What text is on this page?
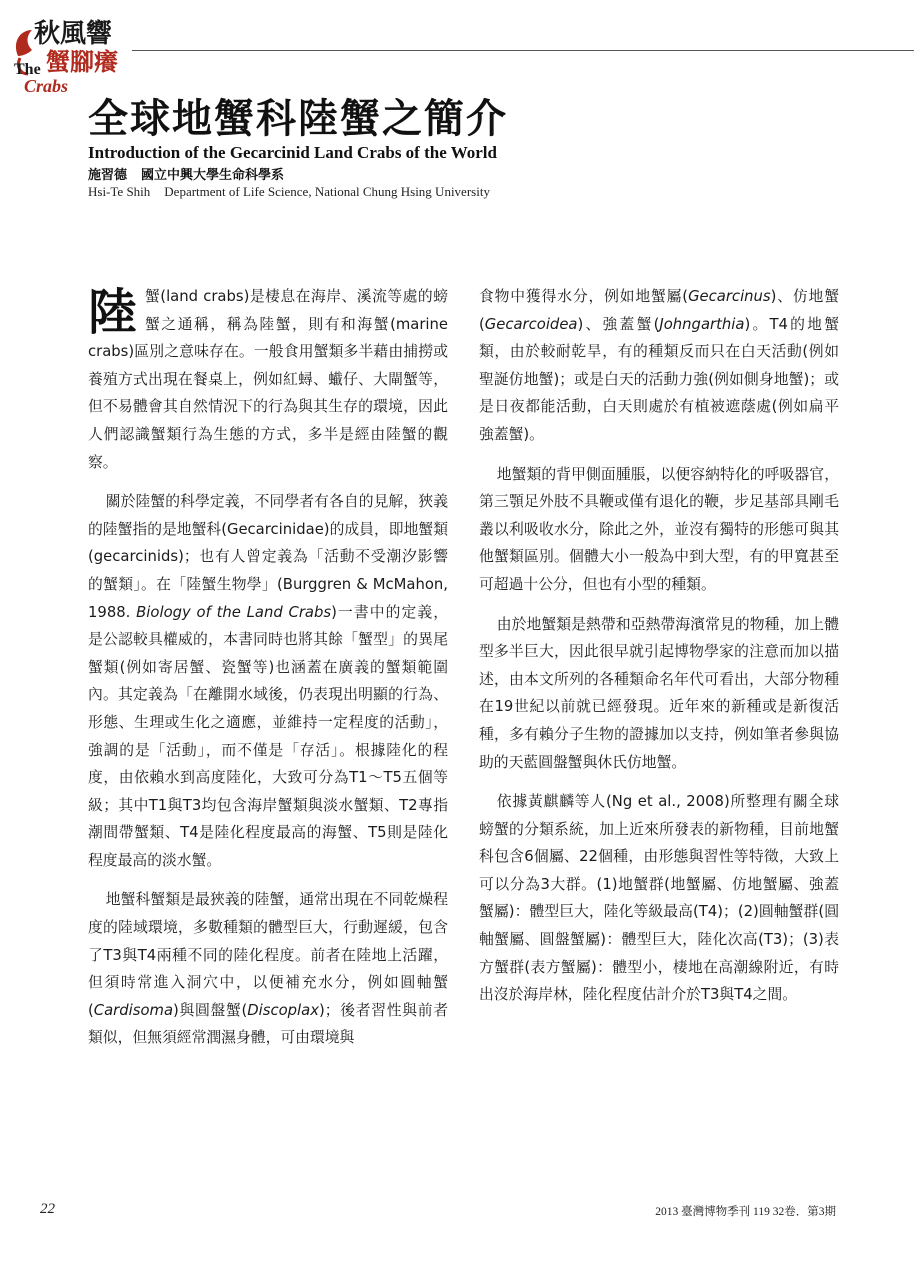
秋風響
蟹腳癢
The
Crabs
全球地蟹科陸蟹之簡介
Introduction of the Gecarcinid Land Crabs of the World
施習德 國立中興大學生命科學系
Hsi-Te Shih Department of Life Science, National Chung Hsing University

陸蟹(land crabs)是棲息在海岸、溪流等處的螃蟹之通稱，稱為陸蟹，則有和海蟹(marine crabs)區別之意味存在。一般食用蟹類多半藉由捕撈或養殖方式出現在餐桌上，例如紅蟳、蠘仔、大閘蟹等，但不易體會其自然情況下的行為與其生存的環境，因此人們認識蟹類行為生態的方式，多半是經由陸蟹的觀察。

關於陸蟹的科學定義，不同學者有各自的見解，狹義的陸蟹指的是地蟹科(Gecarcinidae)的成員，即地蟹類(gecarcinids)；也有人曾定義為「活動不受潮汐影響的蟹類」。在「陸蟹生物學」(Burggren & McMahon, 1988. Biology of the Land Crabs)一書中的定義，是公認較具權威的，本書同時也將其餘「蟹型」的異尾蟹類(例如寄居蟹、瓷蟹等)也涵蓋在廣義的蟹類範圍內。其定義為「在離開水域後，仍表現出明顯的行為、形態、生理或生化之適應，並維持一定程度的活動」，強調的是「活動」，而不僅是「存活」。根據陸化的程度，由依賴水到高度陸化，大致可分為T1～T5五個等級；其中T1與T3均包含海岸蟹類與淡水蟹類、T2專指潮間帶蟹類、T4是陸化程度最高的海蟹、T5則是陸化程度最高的淡水蟹。

地蟹科蟹類是最狹義的陸蟹，通常出現在不同乾燥程度的陸域環境，多數種類的體型巨大，行動遲緩，包含了T3與T4兩種不同的陸化程度。前者在陸地上活躍，但須時常進入洞穴中，以便補充水分，例如圓軸蟹(Cardisoma)與圓盤蟹(Discoplax)；後者習性與前者類似，但無須經常潤濕身體，可由環境與

食物中獲得水分，例如地蟹屬(Gecarcinus)、仿地蟹(Gecarcoidea)、強蓋蟹(Johngarthia)。T4的地蟹類，由於較耐乾旱，有的種類反而只在白天活動(例如聖誕仿地蟹)；或是白天的活動力強(例如側身地蟹)；或是日夜都能活動，白天則處於有植被遮蔭處(例如扁平強蓋蟹)。

地蟹類的背甲側面腫脹，以便容納特化的呼吸器官，第三顎足外肢不具鞭或僅有退化的鞭，步足基部具剛毛叢以利吸收水分，除此之外，並沒有獨特的形態可與其他蟹類區別。個體大小一般為中到大型，有的甲寬甚至可超過十公分，但也有小型的種類。

由於地蟹類是熱帶和亞熱帶海濱常見的物種，加上體型多半巨大，因此很早就引起博物學家的注意而加以描述，由本文所列的各種類命名年代可看出，大部分物種在19世紀以前就已經發現。近年來的新種或是新復活種，多有賴分子生物的證據加以支持，例如筆者參與協助的天藍圓盤蟹與休氏仿地蟹。

依據黃麒麟等人(Ng et al., 2008)所整理有關全球螃蟹的分類系統，加上近來所發表的新物種，目前地蟹科包含6個屬、22個種，由形態與習性等特徵，大致上可以分為3大群。(1)地蟹群(地蟹屬、仿地蟹屬、強蓋蟹屬)：體型巨大，陸化等級最高(T4)；(2)圓軸蟹群(圓軸蟹屬、圓盤蟹屬)：體型巨大，陸化次高(T3)；(3)表方蟹群(表方蟹屬)：體型小，棲地在高潮線附近，有時出沒於海岸林，陸化程度估計介於T3與T4之間。

22	2013 臺灣博物季刊 119 32卷．第3期
